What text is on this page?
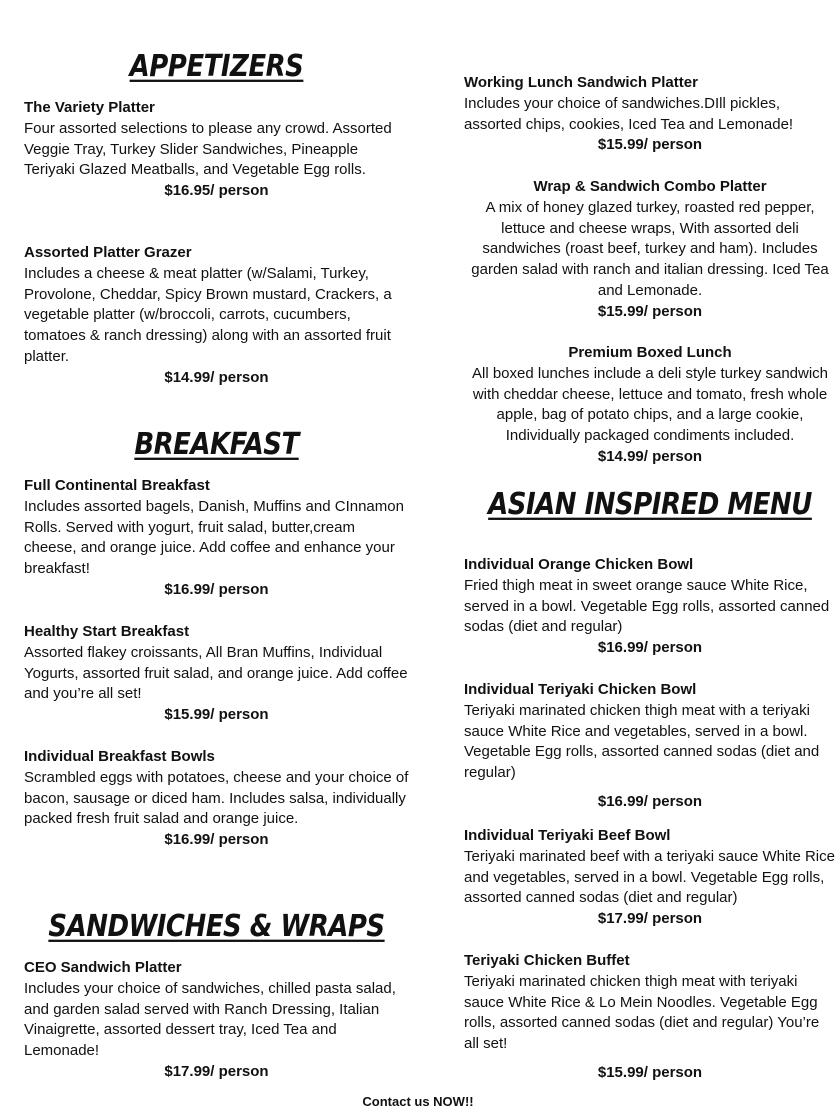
APPETIZERS

The Variety Platter

Four assorted selections to please any crowd. Assorted Veggie Tray, Turkey Slider Sandwiches, Pineapple Teriyaki Glazed Meatballs, and Vegetable Egg rolls.

$16.95/ person

Assorted Platter Grazer

Includes a cheese & meat platter (w/Salami, Turkey, Provolone, Cheddar, Spicy Brown mustard, Crackers, a vegetable platter (w/broccoli, carrots, cucumbers, tomatoes & ranch dressing) along with an assorted fruit platter.

$14.99/ person

BREAKFAST

Full Continental Breakfast

Includes assorted bagels, Danish, Muffins and CInnamon Rolls. Served with yogurt, fruit salad, butter,cream cheese, and orange juice. Add coffee and enhance your breakfast!

$16.99/ person

Healthy Start Breakfast

Assorted flakey croissants, All Bran Muffins, Individual Yogurts, assorted fruit salad, and orange juice. Add coffee and you’re all set!

$15.99/ person

Individual Breakfast Bowls

Scrambled eggs with potatoes, cheese and your choice of bacon, sausage or diced ham. Includes salsa, individually packed fresh fruit salad and orange juice.

$16.99/ person

SANDWICHES & WRAPS

CEO Sandwich Platter

Includes your choice of sandwiches, chilled pasta salad, and garden salad served with Ranch Dressing, Italian Vinaigrette, assorted dessert tray, Iced Tea and Lemonade!

$17.99/ person

Working Lunch Sandwich Platter

Includes your choice of sandwiches.DIll pickles, assorted chips, cookies, Iced Tea and Lemonade!

$15.99/ person

Wrap & Sandwich Combo Platter

A mix of honey glazed turkey, roasted red pepper, lettuce and cheese wraps, With assorted deli sandwiches (roast beef, turkey and ham). Includes garden salad with ranch and italian dressing. Iced Tea and Lemonade.

$15.99/ person

Premium Boxed Lunch

All boxed lunches include a deli style turkey sandwich with cheddar cheese, lettuce and tomato, fresh whole apple, bag of potato chips, and a large cookie, Individually packaged condiments included.

$14.99/ person

ASIAN INSPIRED MENU

Individual Orange Chicken Bowl

Fried thigh meat in sweet orange sauce White Rice, served in a bowl. Vegetable Egg rolls, assorted canned sodas (diet and regular)

$16.99/ person

Individual Teriyaki Chicken Bowl

Teriyaki marinated chicken thigh meat with a teriyaki sauce White Rice and vegetables, served in a bowl. Vegetable Egg rolls, assorted canned sodas (diet and regular)

$16.99/ person

Individual Teriyaki Beef Bowl

Teriyaki marinated beef with a teriyaki sauce White Rice and vegetables, served in a bowl. Vegetable Egg rolls, assorted canned sodas (diet and regular)

$17.99/ person

Teriyaki Chicken Buffet

Teriyaki marinated chicken thigh meat with teriyaki sauce White Rice & Lo Mein Noodles. Vegetable Egg rolls, assorted canned sodas (diet and regular) You’re all set!

$15.99/ person

Contact us NOW!!
